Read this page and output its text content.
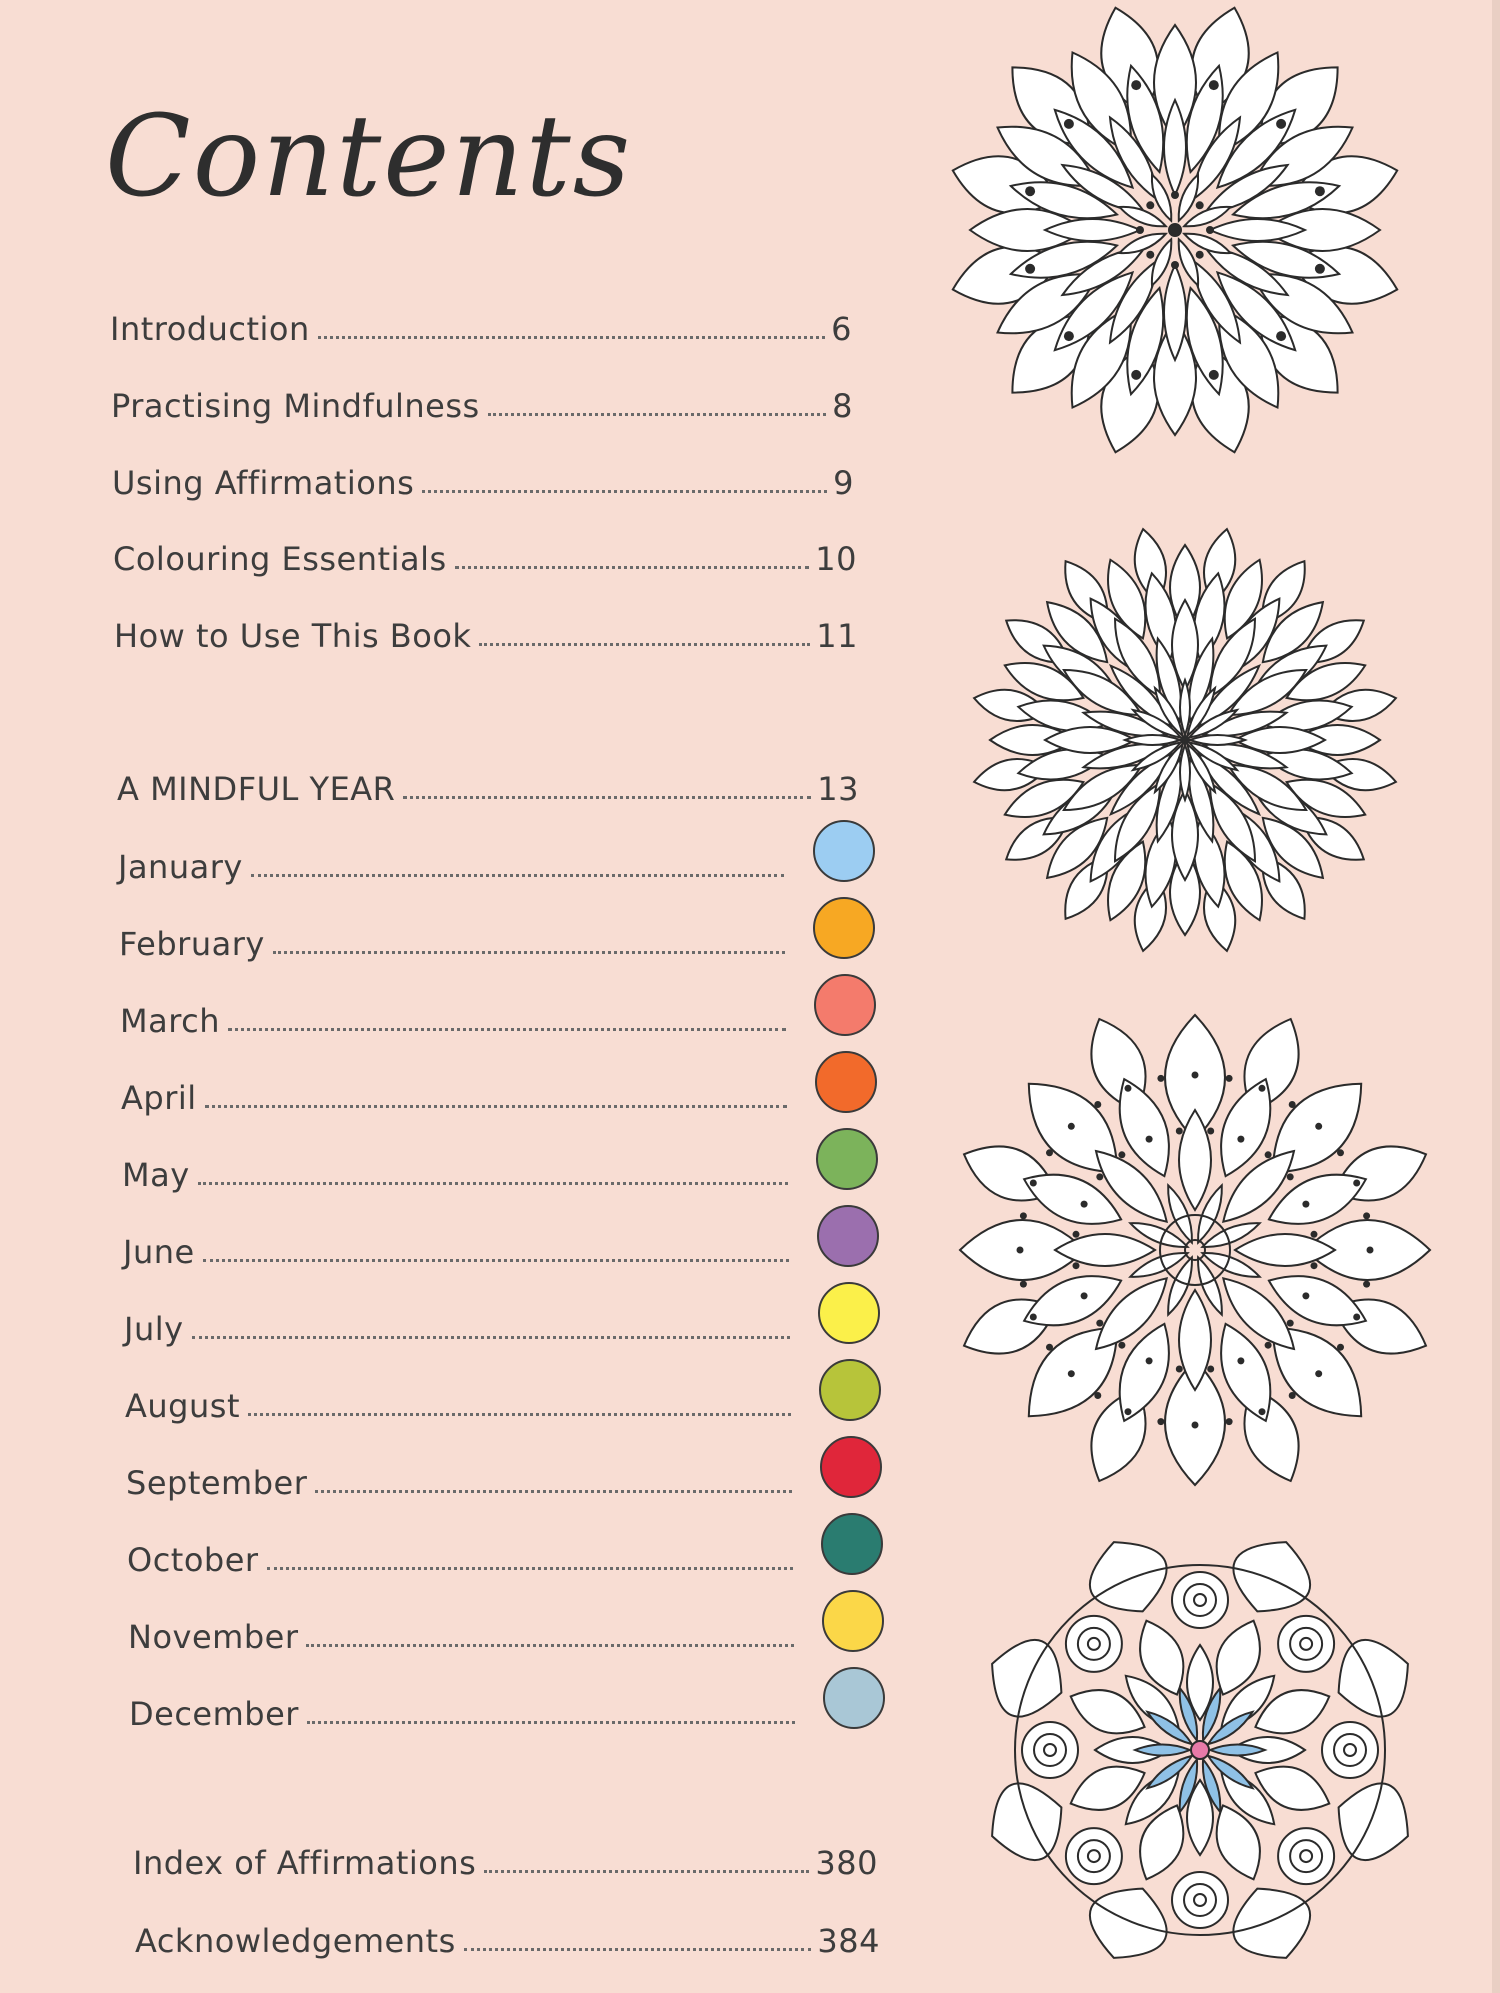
Contents
Introduction	6
Practising Mindfulness	8
Using Affirmations	9
Colouring Essentials	10
How to Use This Book	11
A MINDFUL YEAR	13
January
February
March
April
May
June
July
August
September
October
November
December
Index of Affirmations	380
Acknowledgements	384
